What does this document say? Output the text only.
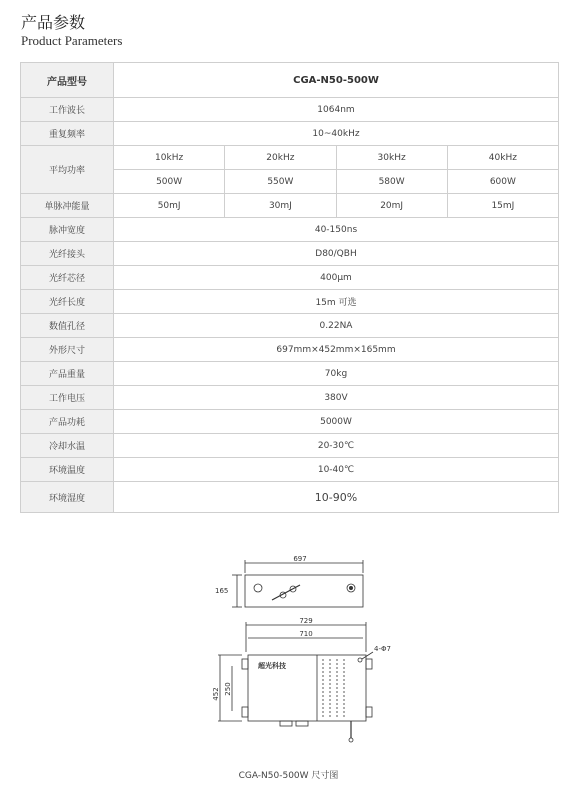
产品参数
Product Parameters
产品型号	CGA-N50-500W			
工作波长	1064nm			
重复频率	10~40kHz			
平均功率	10kHz	20kHz	30kHz	40kHz
	500W	550W	580W	600W
单脉冲能量	50mJ	30mJ	20mJ	15mJ
脉冲宽度	40-150ns			
光纤接头	D80/QBH			
光纤芯径	400μm			
光纤长度	15m 可选			
数值孔径	0.22NA			
外形尺寸	697mm×452mm×165mm			
产品重量	70kg			
工作电压	380V			
产品功耗	5000W			
冷却水温	20-30℃			
环境温度	10-40℃			
环境湿度	10-90%			
697
165
729
710
4-Φ7
452 250
超光科技
CGA-N50-500W 尺寸图
